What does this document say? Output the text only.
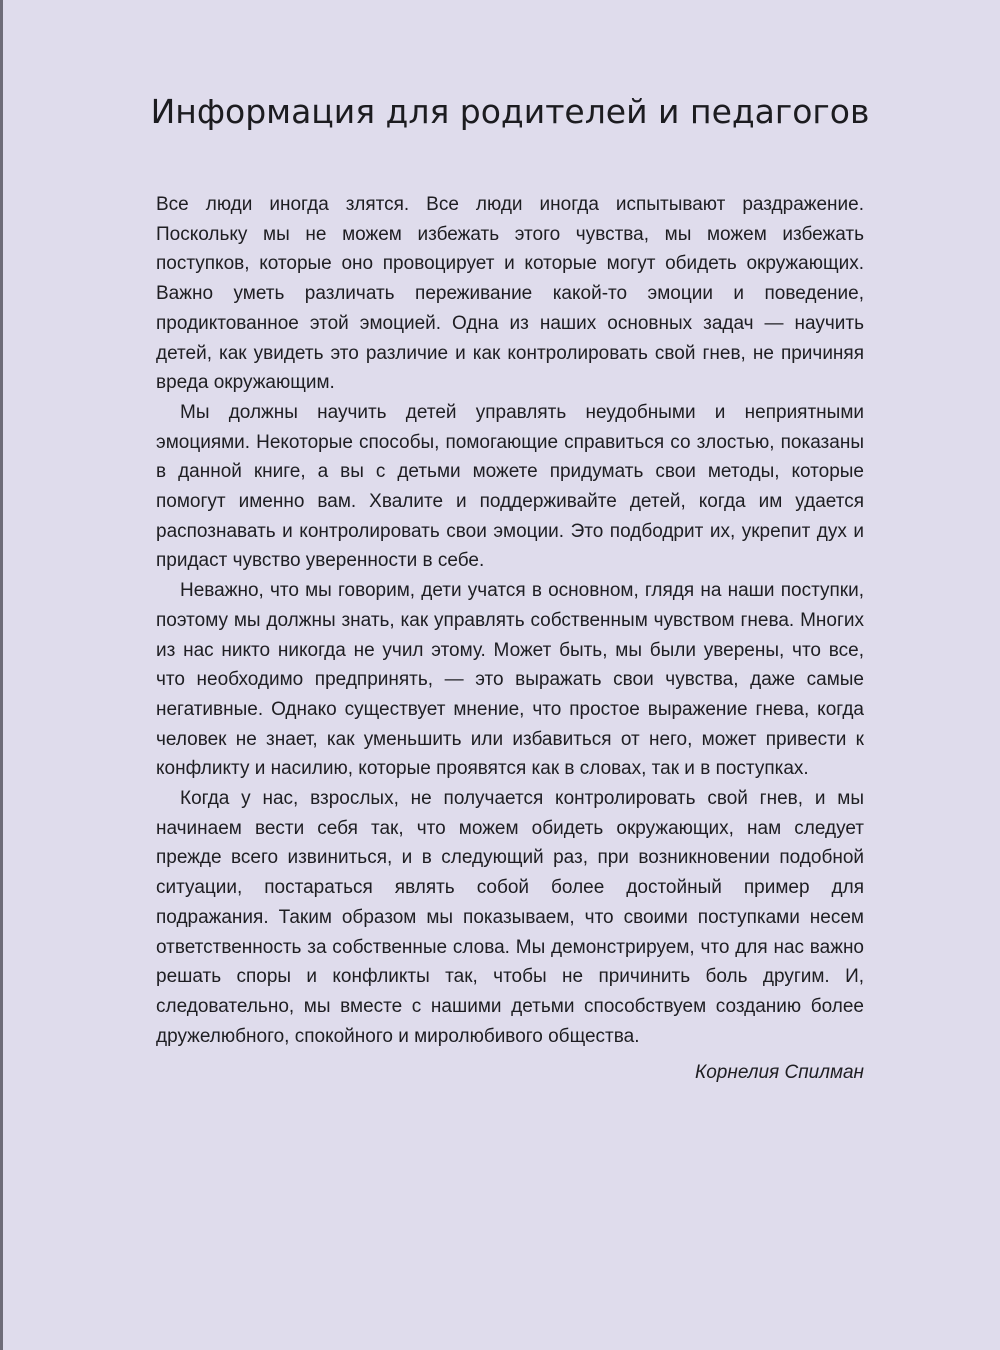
Информация для родителей и педагогов

Все люди иногда злятся. Все люди иногда испытывают раздражение. Поскольку мы не можем избежать этого чувства, мы можем избежать поступков, которые оно провоцирует и которые могут обидеть окружающих. Важно уметь различать переживание какой-то эмоции и поведение, продиктованное этой эмоцией. Одна из наших основных задач — научить детей, как увидеть это различие и как контролировать свой гнев, не причиняя вреда окружающим.

Мы должны научить детей управлять неудобными и неприятными эмоциями. Некоторые способы, помогающие справиться со злостью, показаны в данной книге, а вы с детьми можете придумать свои методы, которые помогут именно вам. Хвалите и поддерживайте детей, когда им удается распознавать и контролировать свои эмоции. Это подбодрит их, укрепит дух и придаст чувство уверенности в себе.

Неважно, что мы говорим, дети учатся в основном, глядя на наши поступки, поэтому мы должны знать, как управлять собственным чувством гнева. Многих из нас никто никогда не учил этому. Может быть, мы были уверены, что все, что необходимо предпринять, — это выражать свои чувства, даже самые негативные. Однако существует мнение, что простое выражение гнева, когда человек не знает, как уменьшить или избавиться от него, может привести к конфликту и насилию, которые проявятся как в словах, так и в поступках.

Когда у нас, взрослых, не получается контролировать свой гнев, и мы начинаем вести себя так, что можем обидеть окружающих, нам следует прежде всего извиниться, и в следующий раз, при возникновении подобной ситуации, постараться являть собой более достойный пример для подражания. Таким образом мы показываем, что своими поступками несем ответственность за собственные слова. Мы демонстрируем, что для нас важно решать споры и конфликты так, чтобы не причинить боль другим. И, следовательно, мы вместе с нашими детьми способствуем созданию более дружелюбного, спокойного и миролюбивого общества.

Корнелия Спилман
